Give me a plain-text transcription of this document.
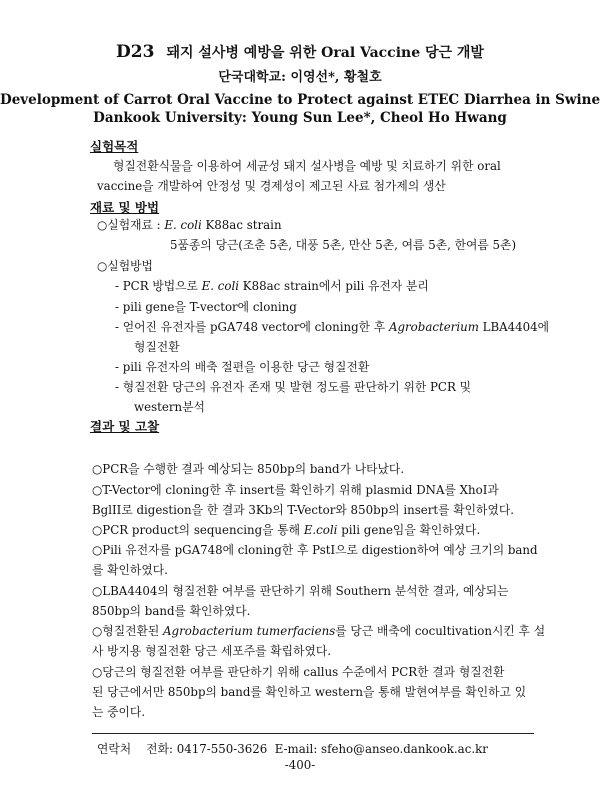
D23 돼지 설사병 예방을 위한 Oral Vaccine 당근 개발
단국대학교: 이영선*, 황철호
Development of Carrot Oral Vaccine to Protect against ETEC Diarrhea in Swine
Dankook University: Young Sun Lee*, Cheol Ho Hwang
실험목적
형질전환식물을 이용하여 세균성 돼지 설사병을 예방 및 치료하기 위한 oral
vaccine을 개발하여 안정성 및 경제성이 제고된 사료 첨가제의 생산
재료 및 방법
○실험재료 : E. coli K88ac strain
5품종의 당근(조춘 5촌, 대풍 5촌, 만산 5촌, 여름 5촌, 한여름 5촌)
○실험방법
- PCR 방법으로 E. coli K88ac strain에서 pili 유전자 분리
- pili gene을 T-vector에 cloning
- 얻어진 유전자를 pGA748 vector에 cloning한 후 Agrobacterium LBA4404에
형질전환
- pili 유전자의 배축 절편을 이용한 당근 형질전환
- 형질전환 당근의 유전자 존재 및 발현 정도를 판단하기 위한 PCR 및
western분석
결과 및 고찰
○PCR을 수행한 결과 예상되는 850bp의 band가 나타났다.
○T-Vector에 cloning한 후 insert를 확인하기 위해 plasmid DNA를 XhoI과
BglII로 digestion을 한 결과 3Kb의 T-Vector와 850bp의 insert를 확인하였다.
○PCR product의 sequencing을 통해 E.coli pili gene임을 확인하였다.
○Pili 유전자를 pGA748에 cloning한 후 PstI으로 digestion하여 예상 크기의 band
를 확인하였다.
○LBA4404의 형질전환 여부를 판단하기 위해 Southern 분석한 결과, 예상되는
850bp의 band를 확인하였다.
○형질전환된 Agrobacterium tumerfaciens를 당근 배축에 cocultivation시킨 후 설
사 방지용 형질전환 당근 세포주를 확립하였다.
○당근의 형질전환 여부를 판단하기 위해 callus 수준에서 PCR한 결과 형질전환
된 당근에서만 850bp의 band를 확인하고 western을 통해 발현여부를 확인하고 있
는 중이다.
연락처    전화: 0417-550-3626  E-mail: sfeho@anseo.dankook.ac.kr
-400-
